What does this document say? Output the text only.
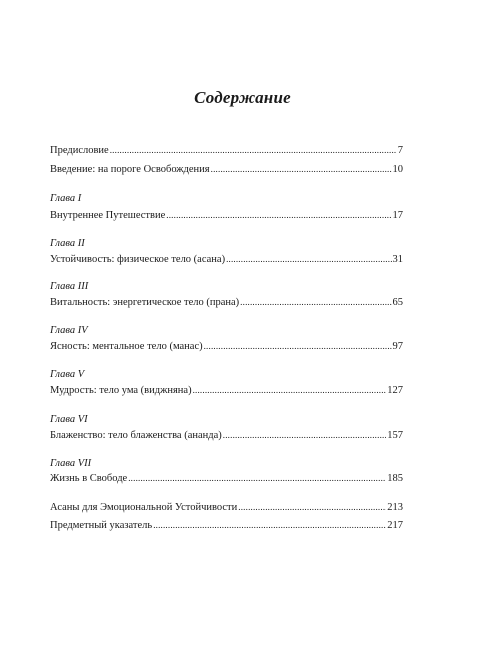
Содержание
Предисловие .....	7
Введение: на пороге Освобождения .....	10
Глава I
Внутреннее Путешествие .....	17
Глава II
Устойчивость: физическое тело (асана) .....	31
Глава III
Витальность: энергетическое тело (прана) .....	65
Глава IV
Ясность: ментальное тело (манас) .....	97
Глава V
Мудрость: тело ума (виджняна) .....	127
Глава VI
Блаженство: тело блаженства (ананда) .....	157
Глава VII
Жизнь в Свободе .....	185
Асаны для Эмоциональной Устойчивости .....	213
Предметный указатель .....	217
